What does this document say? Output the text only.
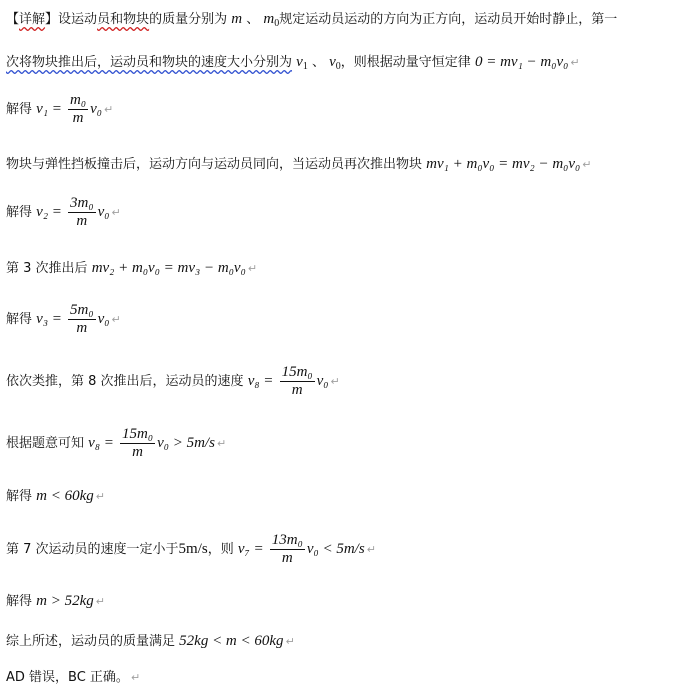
【详解】设运动员和物块的质量分别为 m 、 $m_0$规定运动员运动的方向为正方向，运动员开始时静止，第一
次将物块推出后，运动员和物块的速度大小分别为 $v_1$ 、 $v_0$，则根据动量守恒定律 0 = mv₁ − m₀v₀ ↵
解得 $v_1 = \frac{\text{m₀}}{m} v_0$ ↵
物块与弹性挡板撞击后，运动方向与运动员同向，当运动员再次推出物块 mv₁ + m₀v₀ = mv₂ − m₀v₀ ↵
解得 $v_2 = \frac{\text{3m₀}}{m} v_0$ ↵
第 3 次推出后 mv₂ + m₀v₀ = mv₃ − m₀v₀ ↵
解得 $v_3 = \frac{\text{5m₀}}{m} v_0$ ↵
依次类推，第 8 次推出后，运动员的速度 $v_8 = \frac{\text{15m₀}}{m} v_0$ ↵
根据题意可知 $v_8 = \frac{\text{15m₀}}{m} v_0 > 5m/s$ ↵
解得 m < 60kg ↵
第 7 次运动员的速度一定小于5m/s，则 $v_7 = \frac{\text{13m₀}}{m} v_0 < 5m/s$ ↵
解得 m > 52kg ↵
综上所述，运动员的质量满足 52kg < m < 60kg ↵
AD 错误，BC 正确。 ↵
